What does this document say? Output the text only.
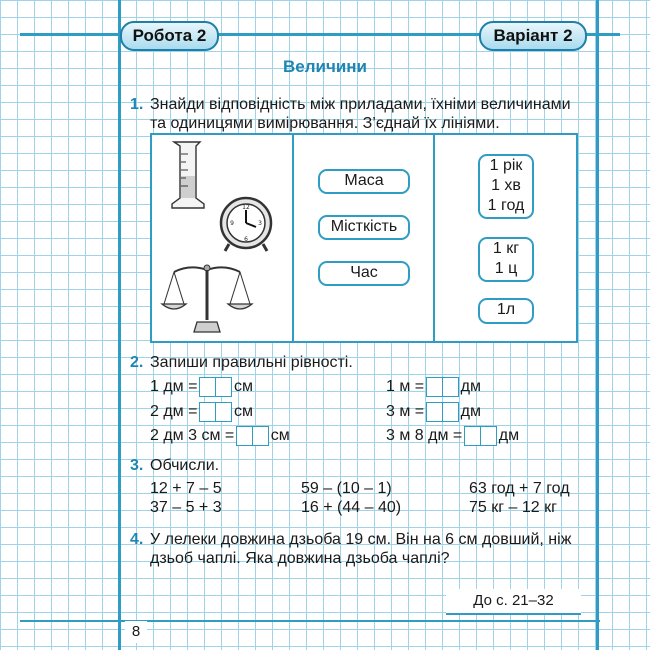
Робота 2	Варіант 2
Величини
1. Знайди відповідність між приладами, їхніми величинами
та одиницями вимірювання. З’єднай їх лініями.
12
3
6
9
Маса
Місткість
Час
1 рік
1 хв
1 год
1 кг
1 ц
1л
2. Запиши правильні рівності.
1 дм = см
2 дм = см
2 дм 3 см = см
1 м = дм
3 м = дм
3 м 8 дм = дм
3. Обчисли.
12 + 7 – 5	59 – (10 – 1)	63 год + 7 год
37 – 5 + 3	16 + (44 – 40)	75 кг – 12 кг
4. У лелеки довжина дзьоба 19 см. Він на 6 см довший, ніж
дзьоб чаплі. Яка довжина дзьоба чаплі?
До с. 21–32
8
